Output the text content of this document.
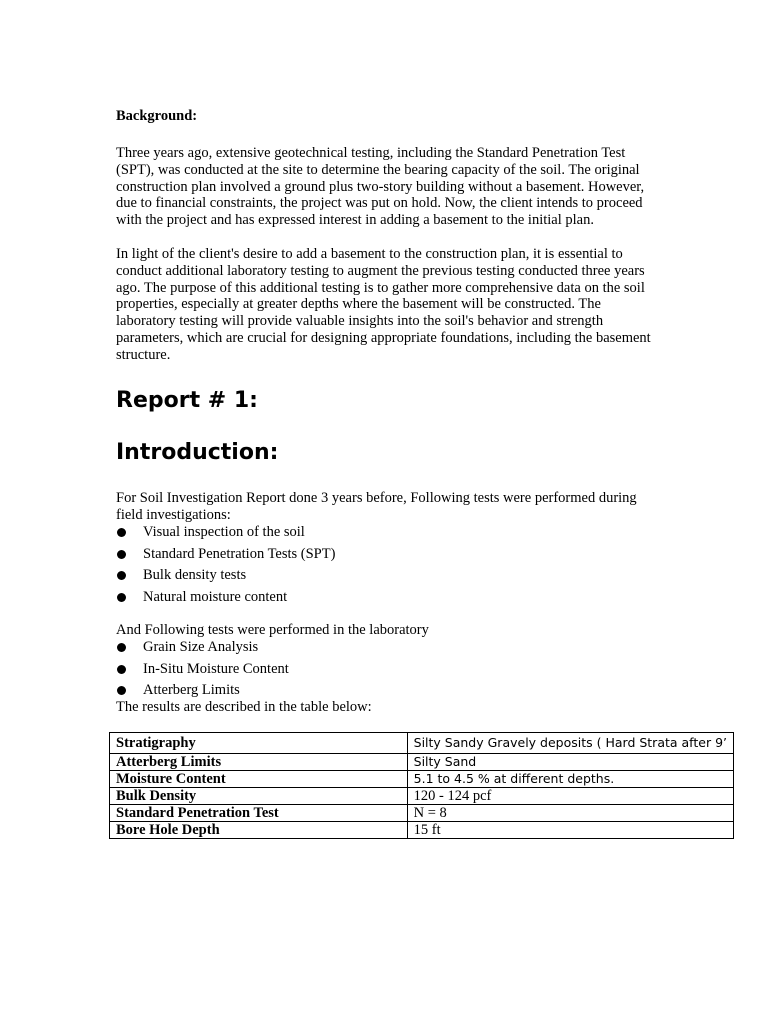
Background:

Three years ago, extensive geotechnical testing, including the Standard Penetration Test (SPT), was conducted at the site to determine the bearing capacity of the soil. The original construction plan involved a ground plus two-story building without a basement. However, due to financial constraints, the project was put on hold. Now, the client intends to proceed with the project and has expressed interest in adding a basement to the initial plan.

In light of the client's desire to add a basement to the construction plan, it is essential to conduct additional laboratory testing to augment the previous testing conducted three years ago. The purpose of this additional testing is to gather more comprehensive data on the soil properties, especially at greater depths where the basement will be constructed. The laboratory testing will provide valuable insights into the soil's behavior and strength parameters, which are crucial for designing appropriate foundations, including the basement structure.

Report # 1:
Introduction:

For Soil Investigation Report done 3 years before, Following tests were performed during field investigations:

Visual inspection of the soil
Standard Penetration Tests (SPT)
Bulk density tests
Natural moisture content

And Following tests were performed in the laboratory

Grain Size Analysis
In-Situ Moisture Content
Atterberg Limits

The results are described in the table below:

Stratigraphy	Silty Sandy Gravely deposits ( Hard Strata after 9’
Atterberg Limits	Silty Sand
Moisture Content	5.1 to 4.5 % at different depths.
Bulk Density	120 - 124 pcf
Standard Penetration Test	N = 8
Bore Hole Depth	15 ft
